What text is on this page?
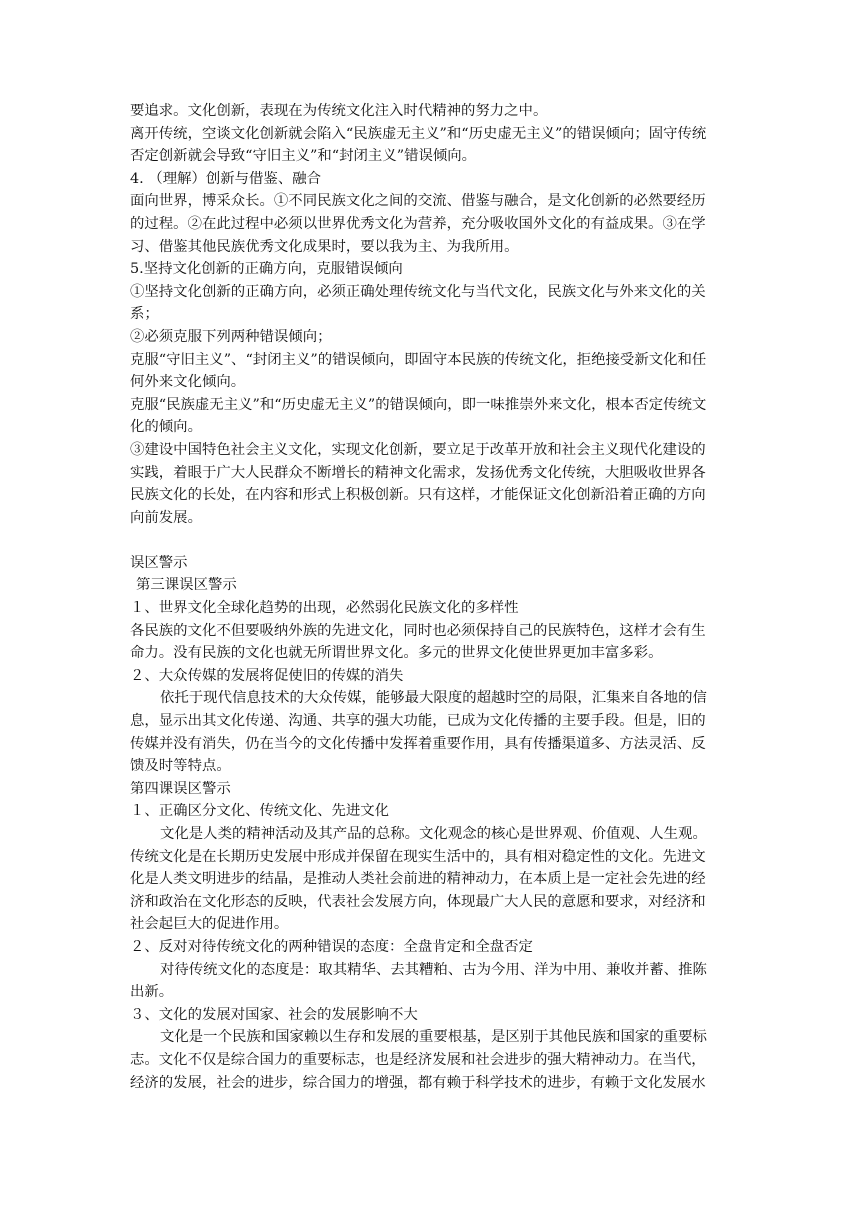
要追求。文化创新，表现在为传统文化注入时代精神的努力之中。
离开传统，空谈文化创新就会陷入“民族虚无主义”和“历史虚无主义”的错误倾向；固守传统
否定创新就会导致“守旧主义”和“封闭主义”错误倾向。
4. （理解）创新与借鉴、融合
面向世界，博采众长。①不同民族文化之间的交流、借鉴与融合，是文化创新的必然要经历
的过程。②在此过程中必须以世界优秀文化为营养，充分吸收国外文化的有益成果。③在学
习、借鉴其他民族优秀文化成果时，要以我为主、为我所用。
5.坚持文化创新的正确方向，克服错误倾向
①坚持文化创新的正确方向，必须正确处理传统文化与当代文化，民族文化与外来文化的关
系；
②必须克服下列两种错误倾向；
克服“守旧主义”、“封闭主义”的错误倾向，即固守本民族的传统文化，拒绝接受新文化和任
何外来文化倾向。
克服“民族虚无主义”和“历史虚无主义”的错误倾向，即一味推崇外来文化，根本否定传统文
化的倾向。
③建设中国特色社会主义文化，实现文化创新，要立足于改革开放和社会主义现代化建设的
实践，着眼于广大人民群众不断增长的精神文化需求，发扬优秀文化传统，大胆吸收世界各
民族文化的长处，在内容和形式上积极创新。只有这样，才能保证文化创新沿着正确的方向
向前发展。
误区警示
第三课误区警示
１、世界文化全球化趋势的出现，必然弱化民族文化的多样性
各民族的文化不但要吸纳外族的先进文化，同时也必须保持自己的民族特色，这样才会有生
命力。没有民族的文化也就无所谓世界文化。多元的世界文化使世界更加丰富多彩。
２、大众传媒的发展将促使旧的传媒的消失
依托于现代信息技术的大众传媒，能够最大限度的超越时空的局限，汇集来自各地的信
息，显示出其文化传递、沟通、共享的强大功能，已成为文化传播的主要手段。但是，旧的
传媒并没有消失，仍在当今的文化传播中发挥着重要作用，具有传播渠道多、方法灵活、反
馈及时等特点。
第四课误区警示
１、正确区分文化、传统文化、先进文化
文化是人类的精神活动及其产品的总称。文化观念的核心是世界观、价值观、人生观。
传统文化是在长期历史发展中形成并保留在现实生活中的，具有相对稳定性的文化。先进文
化是人类文明进步的结晶，是推动人类社会前进的精神动力，在本质上是一定社会先进的经
济和政治在文化形态的反映，代表社会发展方向，体现最广大人民的意愿和要求，对经济和
社会起巨大的促进作用。
２、反对对待传统文化的两种错误的态度：全盘肯定和全盘否定
对待传统文化的态度是：取其精华、去其糟粕、古为今用、洋为中用、兼收并蓄、推陈
出新。
３、文化的发展对国家、社会的发展影响不大
文化是一个民族和国家赖以生存和发展的重要根基，是区别于其他民族和国家的重要标
志。文化不仅是综合国力的重要标志，也是经济发展和社会进步的强大精神动力。在当代，
经济的发展，社会的进步，综合国力的增强，都有赖于科学技术的进步，有赖于文化发展水
